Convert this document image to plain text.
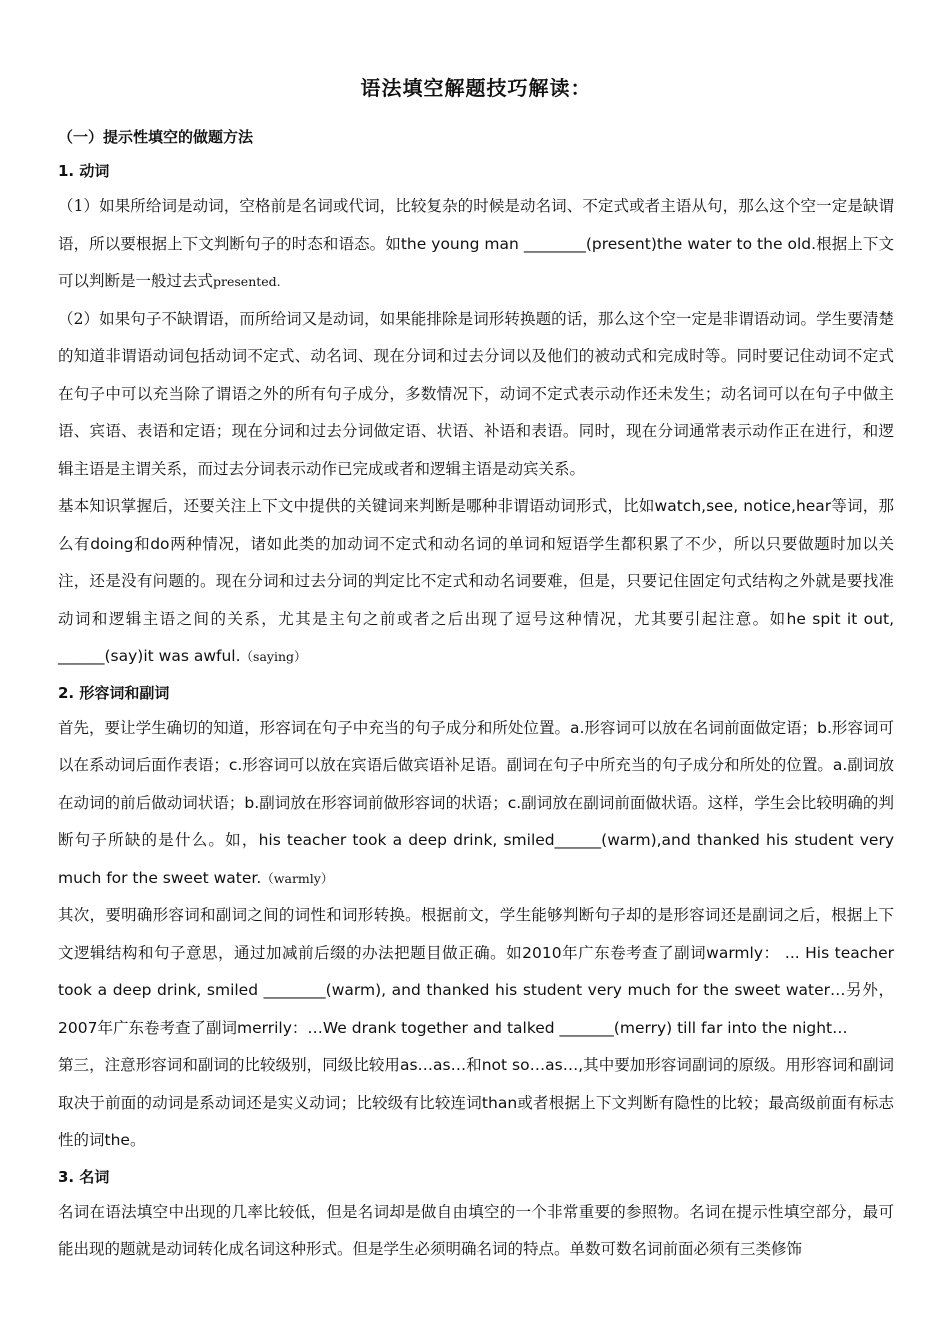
语法填空解题技巧解读：
（一）提示性填空的做题方法
1. 动词

（1）如果所给词是动词，空格前是名词或代词，比较复杂的时候是动名词、不定式或者主语从句，那么这个空一定是缺谓语，所以要根据上下文判断句子的时态和语态。如the young man ________(present)the water to the old.根据上下文可以判断是一般过去式presented.

（2）如果句子不缺谓语，而所给词又是动词，如果能排除是词形转换题的话，那么这个空一定是非谓语动词。学生要清楚的知道非谓语动词包括动词不定式、动名词、现在分词和过去分词以及他们的被动式和完成时等。同时要记住动词不定式在句子中可以充当除了谓语之外的所有句子成分，多数情况下，动词不定式表示动作还未发生；动名词可以在句子中做主语、宾语、表语和定语；现在分词和过去分词做定语、状语、补语和表语。同时，现在分词通常表示动作正在进行，和逻辑主语是主谓关系，而过去分词表示动作已完成或者和逻辑主语是动宾关系。

基本知识掌握后，还要关注上下文中提供的关键词来判断是哪种非谓语动词形式，比如watch,see, notice,hear等词，那么有doing和do两种情况，诸如此类的加动词不定式和动名词的单词和短语学生都积累了不少，所以只要做题时加以关注，还是没有问题的。现在分词和过去分词的判定比不定式和动名词要难，但是，只要记住固定句式结构之外就是要找准动词和逻辑主语之间的关系，尤其是主句之前或者之后出现了逗号这种情况，尤其要引起注意。如he spit it out, ______(say)it was awful.（saying）

2. 形容词和副词

首先，要让学生确切的知道，形容词在句子中充当的句子成分和所处位置。a.形容词可以放在名词前面做定语；b.形容词可以在系动词后面作表语；c.形容词可以放在宾语后做宾语补足语。副词在句子中所充当的句子成分和所处的位置。a.副词放在动词的前后做动词状语；b.副词放在形容词前做形容词的状语；c.副词放在副词前面做状语。这样，学生会比较明确的判断句子所缺的是什么。如，his teacher took a deep drink, smiled______(warm),and thanked his student very much for the sweet water.（warmly）

其次，要明确形容词和副词之间的词性和词形转换。根据前文，学生能够判断句子却的是形容词还是副词之后，根据上下文逻辑结构和句子意思，通过加减前后缀的办法把题目做正确。如2010年广东卷考查了副词warmly： ... His teacher took a deep drink, smiled ________(warm), and thanked his student very much for the sweet water…另外，2007年广东卷考查了副词merrily：…We drank together and talked _______(merry) till far into the night…

第三，注意形容词和副词的比较级别，同级比较用as…as…和not so…as…,其中要加形容词副词的原级。用形容词和副词取决于前面的动词是系动词还是实义动词；比较级有比较连词than或者根据上下文判断有隐性的比较；最高级前面有标志性的词the。

3. 名词

名词在语法填空中出现的几率比较低，但是名词却是做自由填空的一个非常重要的参照物。名词在提示性填空部分，最可能出现的题就是动词转化成名词这种形式。但是学生必须明确名词的特点。单数可数名词前面必须有三类修饰
